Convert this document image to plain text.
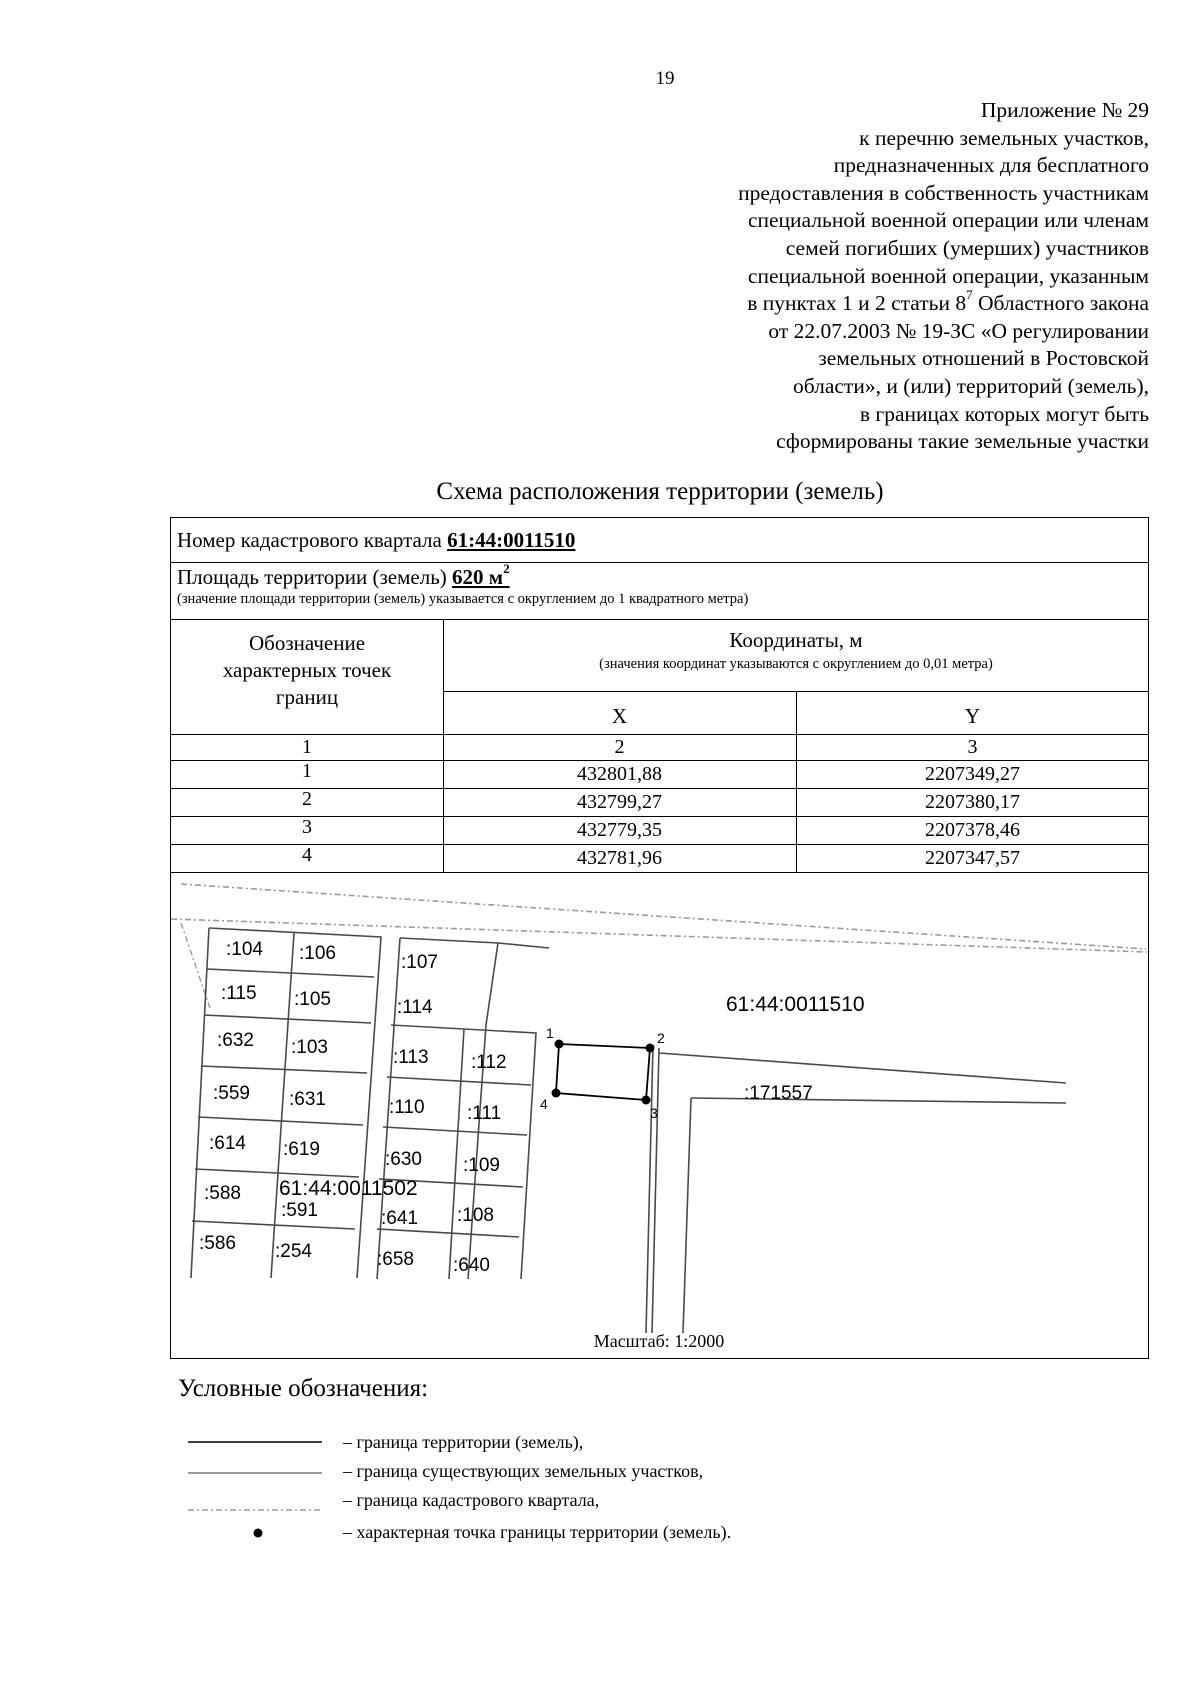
19
Приложение № 29
к перечню земельных участков,
предназначенных для бесплатного
предоставления в собственность участникам
специальной военной операции или членам
семей погибших (умерших) участников
специальной военной операции, указанным
в пунктах 1 и 2 статьи $8^7$ Областного закона
от 22.07.2003 № 19-ЗС «О регулировании
земельных отношений в Ростовской
области», и (или) территорий (земель),
в границах которых могут быть
сформированы такие земельные участки
Схема расположения территории (земель)
Номер кадастрового квартала 61:44:0011510
Площадь территории (земель) 620 $м^2$
(значение площади территории (земель) указывается с округлением до 1 квадратного метра)
Обозначение
характерных точек
границ
Координаты, м
(значения координат указываются с округлением до 0,01 метра)
X	Y
1	2	3
1	432801,88	2207349,27
2	432799,27	2207380,17
3	432779,35	2207378,46
4	432781,96	2207347,57
61:44:0011510
61:44:0011502
:171557
1	2
3
4
:104 :106	:107
:115 :105	:114
:632 :103	:113 :112
:559 :631	:110 :111
:614 :619	:630 :109
:588
:591	:641 :108
:586 :254	:658 :640
Масштаб: 1:2000
Условные обозначения:
– граница территории (земель),
– граница существующих земельных участков,
– граница кадастрового квартала,
– характерная точка границы территории (земель).
